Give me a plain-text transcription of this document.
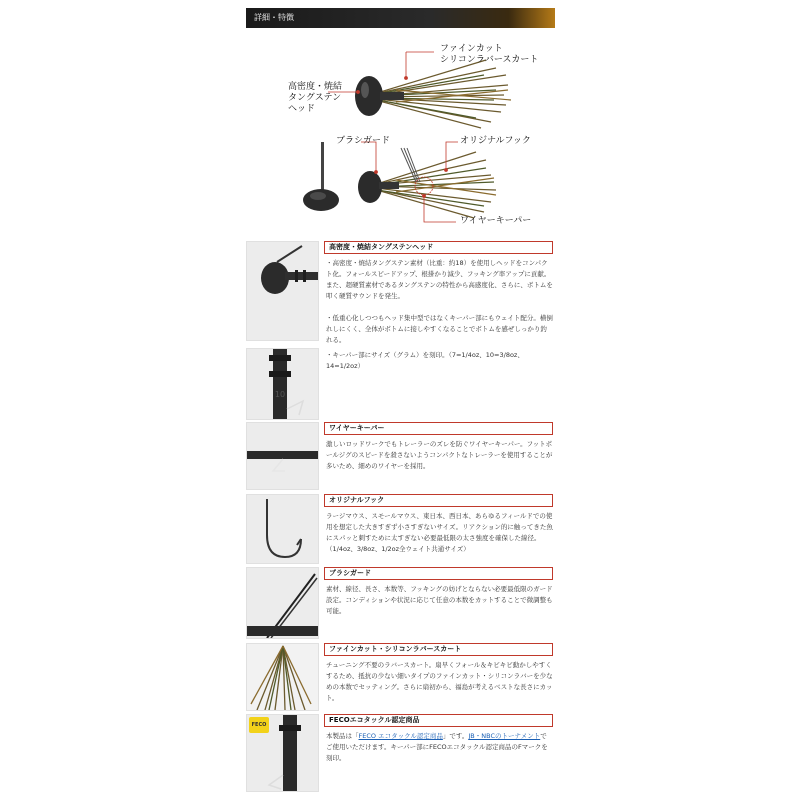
詳細・特徴
ファインカット
シリコンラバースカート
高密度・焼結
タングステン
ヘッド
ブラシガード	オリジナルフック
ワイヤーキーパー
高密度・焼結タングステンヘッド
・高密度・焼結タングステン素材（比重：約18）を使用しヘッドをコンパクト化。フォールスピードアップ、根掛かり減少、フッキング率アップに貢献。また、超硬質素材であるタングステンの特性から高感度化、さらに、ボトムを叩く硬質サウンドを発生。

・低重心化しつつもヘッド集中型ではなくキーパー部にもウェイト配分。横倒れしにくく、全体がボトムに接しやすくなることでボトムを感ぜしっかり釣れる。
10
・キーパー部にサイズ（グラム）を刻印。（7=1/4oz、10=3/8oz、14=1/2oz）
ワイヤーキーパー
激しいロッドワークでもトレーラーのズレを防ぐワイヤーキーパー。フットボールジグのスピードを殺さないようコンパクトなトレーラーを使用することが多いため、細めのワイヤーを採用。
オリジナルフック
ラージマウス、スモールマウス、東日本、西日本、あらゆるフィールドでの使用を想定した大きすぎず小さすぎないサイズ。リアクション的に触ってきた魚にスパッと刺すために太すぎない必要最低限の太さ強度を確保した線径。（1/4oz、3/8oz、1/2oz全ウェイト共通サイズ）
ブラシガード
素材、線径、長さ、本数等、フッキングの妨げとならない必要最低限のガード設定。コンディションや状況に応じて任意の本数をカットすることで微調整も可能。
ファインカット・シリコンラバースカート
チューニング不要のラバースカート。扇早くフォール＆キビキビ動かしやすくするため、抵抗の少ない細いタイプのファインカット・シリコンラバーを少なめの本数でセッティング。さらに扇初から、福島が考えるベストな長さにカット。
FECO
FECOエコタックル認定商品
本製品は「FECO エコタックル認定商品」です。JB・NBCのトーナメントでご使用いただけます。キーパー部にFECOエコタックル認定商品のFマークを刻印。
